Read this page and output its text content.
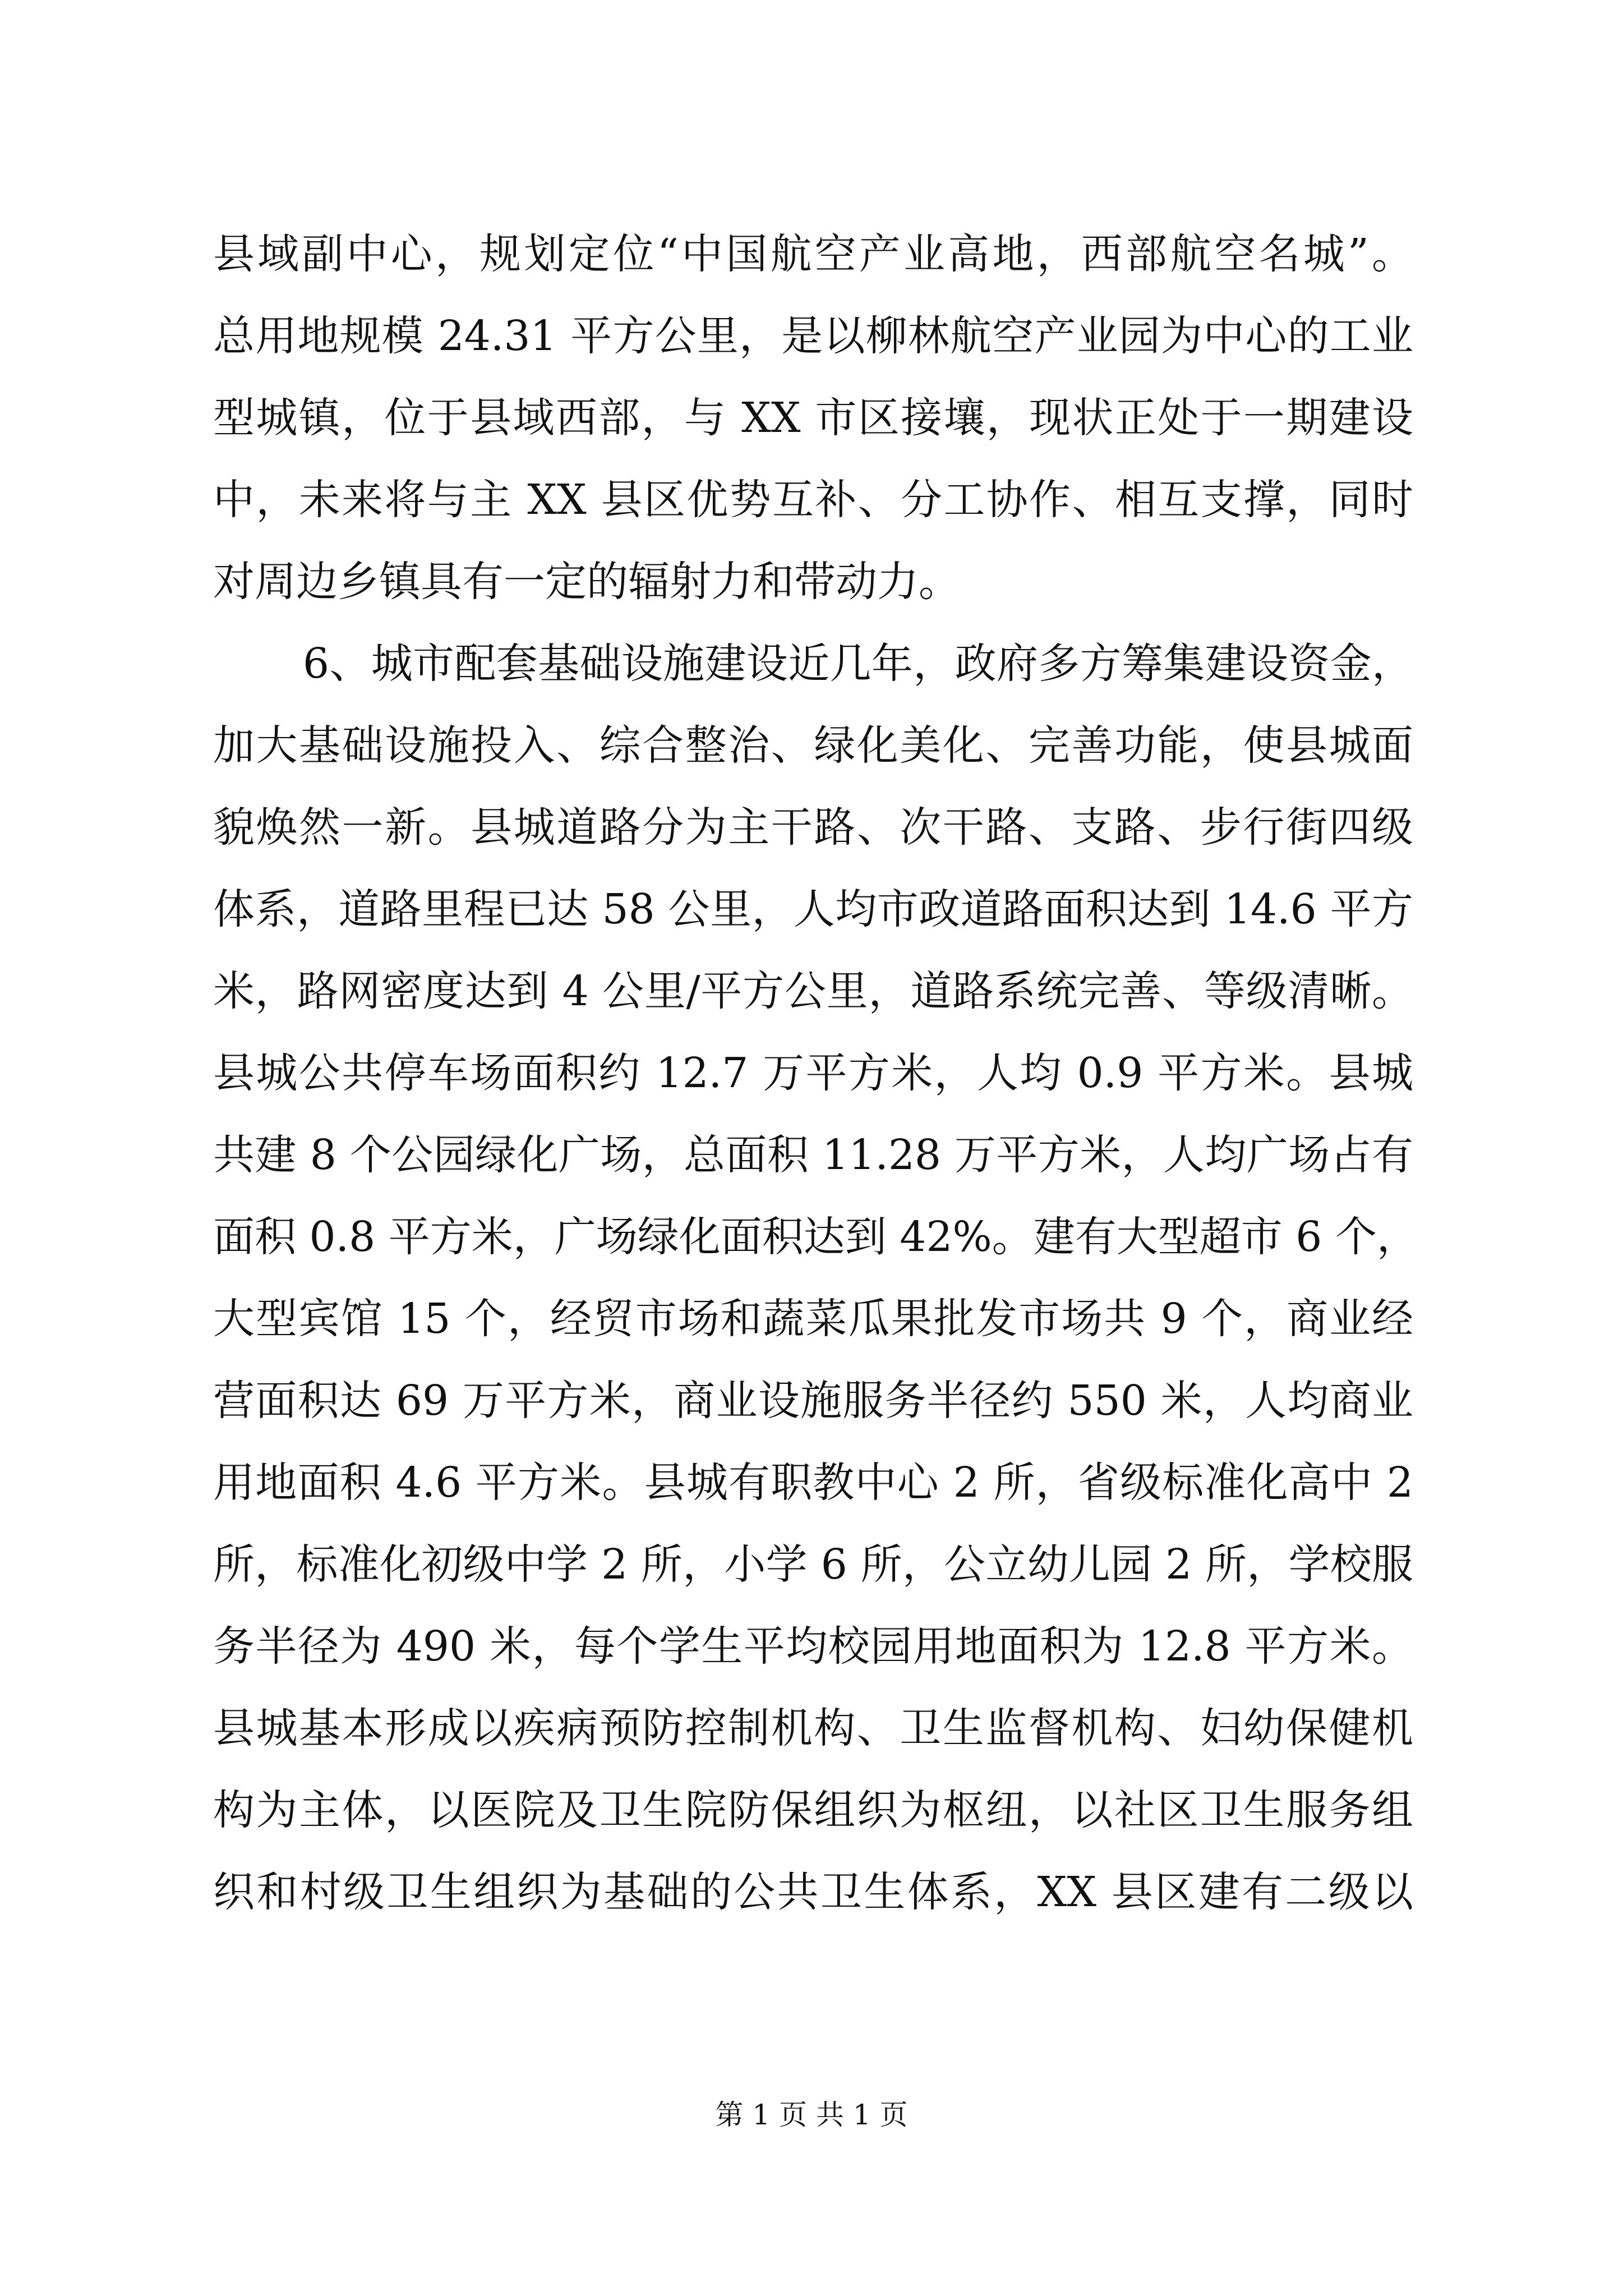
县域副中心，规划定位“中国航空产业高地，西部航空名城”。
总用地规模 24.31 平方公里，是以柳林航空产业园为中心的工业
型城镇，位于县域西部，与 XX 市区接壤，现状正处于一期建设
中，未来将与主 XX 县区优势互补、分工协作、相互支撑，同时
对周边乡镇具有一定的辐射力和带动力。
6、城市配套基础设施建设近几年，政府多方筹集建设资金，
加大基础设施投入、综合整治、绿化美化、完善功能，使县城面
貌焕然一新。县城道路分为主干路、次干路、支路、步行街四级
体系，道路里程已达 58 公里，人均市政道路面积达到 14.6 平方
米，路网密度达到 4 公里/平方公里，道路系统完善、等级清晰。
县城公共停车场面积约 12.7 万平方米，人均 0.9 平方米。县城
共建 8 个公园绿化广场，总面积 11.28 万平方米，人均广场占有
面积 0.8 平方米，广场绿化面积达到 42%。建有大型超市 6 个，
大型宾馆 15 个，经贸市场和蔬菜瓜果批发市场共 9 个，商业经
营面积达 69 万平方米，商业设施服务半径约 550 米，人均商业
用地面积 4.6 平方米。县城有职教中心 2 所，省级标准化高中 2
所，标准化初级中学 2 所，小学 6 所，公立幼儿园 2 所，学校服
务半径为 490 米，每个学生平均校园用地面积为 12.8 平方米。
县城基本形成以疾病预防控制机构、卫生监督机构、妇幼保健机
构为主体，以医院及卫生院防保组织为枢纽，以社区卫生服务组
织和村级卫生组织为基础的公共卫生体系，XX 县区建有二级以
第 1 页 共 1 页
